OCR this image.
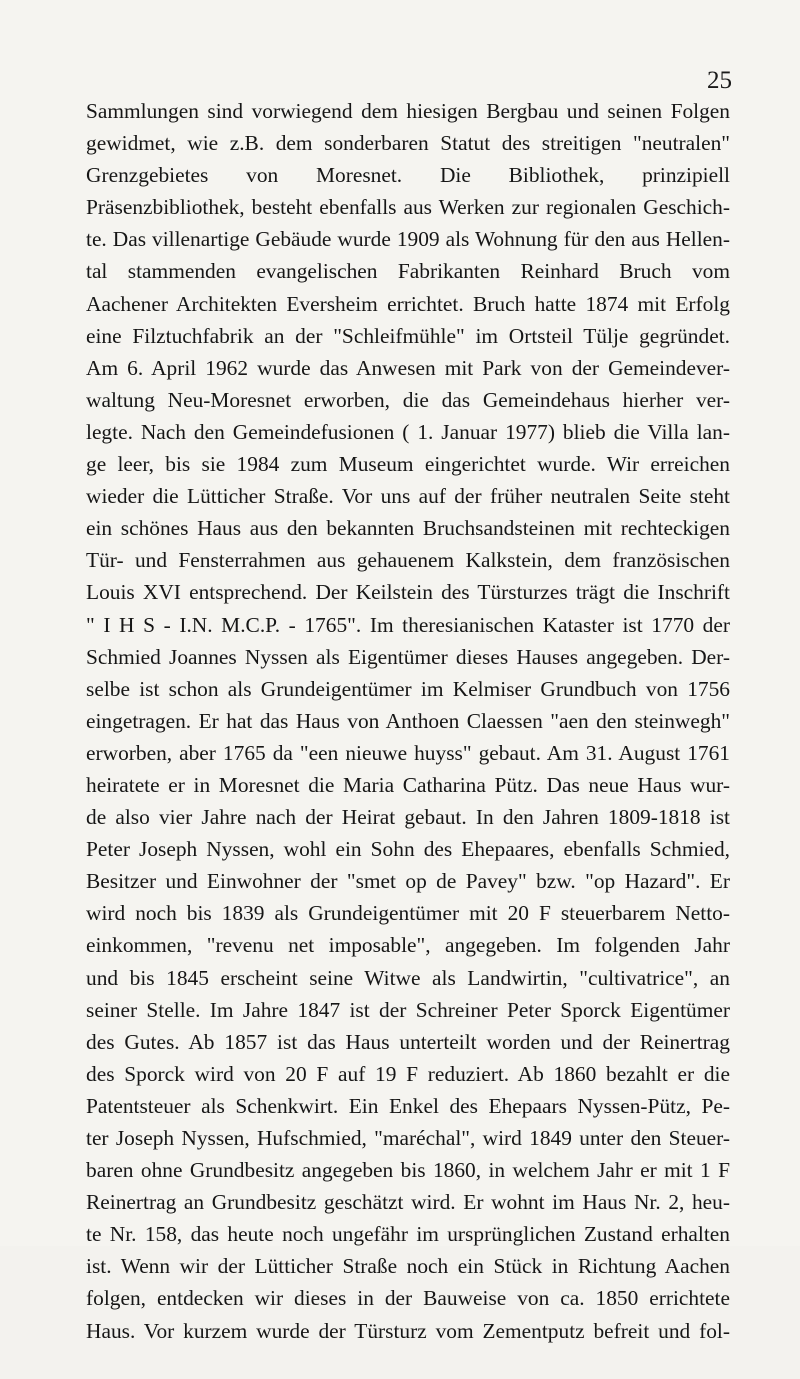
25
Sammlungen sind vorwiegend dem hiesigen Bergbau und seinen Folgen
gewidmet, wie z.B. dem sonderbaren Statut des streitigen "neutralen"
Grenzgebietes von Moresnet. Die Bibliothek, prinzipiell
Präsenzbibliothek, besteht ebenfalls aus Werken zur regionalen Geschich-
te. Das villenartige Gebäude wurde 1909 als Wohnung für den aus Hellen-
tal stammenden evangelischen Fabrikanten Reinhard Bruch vom
Aachener Architekten Eversheim errichtet. Bruch hatte 1874 mit Erfolg
eine Filztuchfabrik an der "Schleifmühle" im Ortsteil Tülje gegründet.
Am 6. April 1962 wurde das Anwesen mit Park von der Gemeindever-
waltung Neu-Moresnet erworben, die das Gemeindehaus hierher ver-
legte. Nach den Gemeindefusionen ( 1. Januar 1977) blieb die Villa lan-
ge leer, bis sie 1984 zum Museum eingerichtet wurde. Wir erreichen
wieder die Lütticher Straße. Vor uns auf der früher neutralen Seite steht
ein schönes Haus aus den bekannten Bruchsandsteinen mit rechteckigen
Tür- und Fensterrahmen aus gehauenem Kalkstein, dem französischen
Louis XVI entsprechend. Der Keilstein des Türsturzes trägt die Inschrift
" I H S - I.N. M.C.P. - 1765". Im theresianischen Kataster ist 1770 der
Schmied Joannes Nyssen als Eigentümer dieses Hauses angegeben. Der-
selbe ist schon als Grundeigentümer im Kelmiser Grundbuch von 1756
eingetragen. Er hat das Haus von Anthoen Claessen "aen den steinwegh"
erworben, aber 1765 da "een nieuwe huyss" gebaut. Am 31. August 1761
heiratete er in Moresnet die Maria Catharina Pütz. Das neue Haus wur-
de also vier Jahre nach der Heirat gebaut. In den Jahren 1809-1818 ist
Peter Joseph Nyssen, wohl ein Sohn des Ehepaares, ebenfalls Schmied,
Besitzer und Einwohner der "smet op de Pavey" bzw. "op Hazard". Er
wird noch bis 1839 als Grundeigentümer mit 20 F steuerbarem Netto-
einkommen, "revenu net imposable", angegeben. Im folgenden Jahr
und bis 1845 erscheint seine Witwe als Landwirtin, "cultivatrice", an
seiner Stelle. Im Jahre 1847 ist der Schreiner Peter Sporck Eigentümer
des Gutes. Ab 1857 ist das Haus unterteilt worden und der Reinertrag
des Sporck wird von 20 F auf 19 F reduziert. Ab 1860 bezahlt er die
Patentsteuer als Schenkwirt. Ein Enkel des Ehepaars Nyssen-Pütz, Pe-
ter Joseph Nyssen, Hufschmied, "maréchal", wird 1849 unter den Steuer-
baren ohne Grundbesitz angegeben bis 1860, in welchem Jahr er mit 1 F
Reinertrag an Grundbesitz geschätzt wird. Er wohnt im Haus Nr. 2, heu-
te Nr. 158, das heute noch ungefähr im ursprünglichen Zustand erhalten
ist. Wenn wir der Lütticher Straße noch ein Stück in Richtung Aachen
folgen, entdecken wir dieses in der Bauweise von ca. 1850 errichtete
Haus. Vor kurzem wurde der Türsturz vom Zementputz befreit und fol-
